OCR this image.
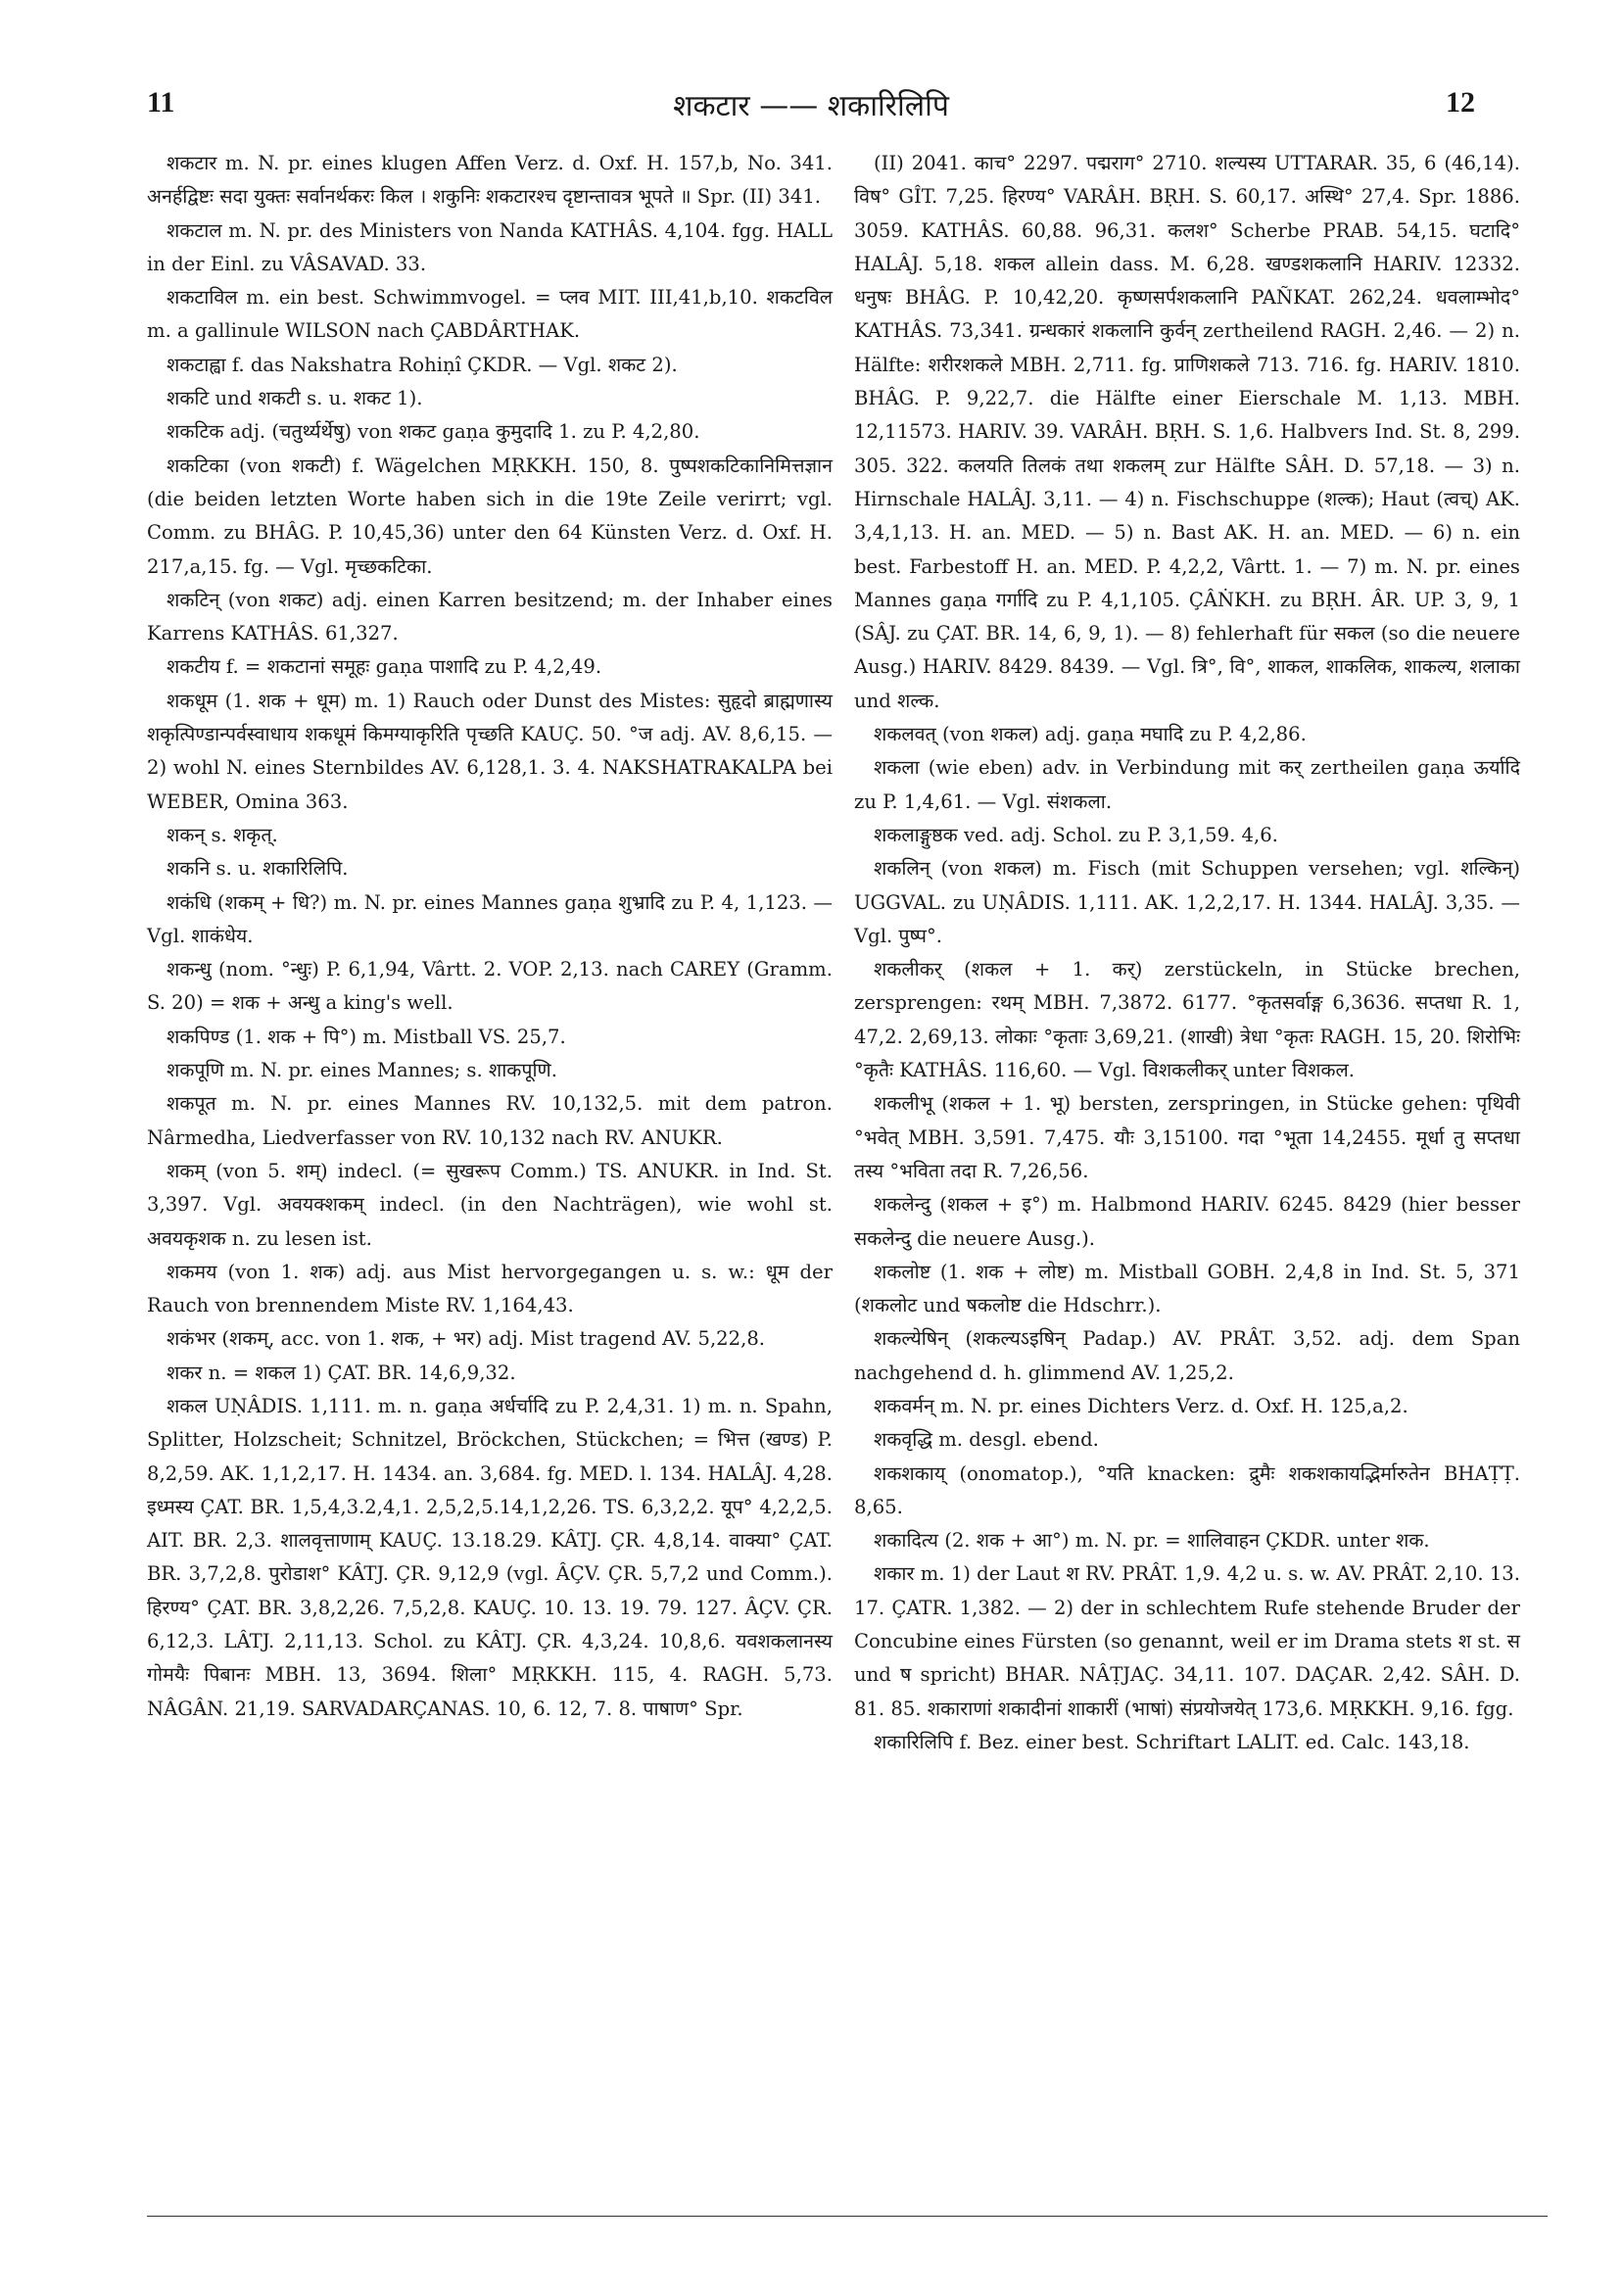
11	शकटार —— शकारिलिपि	12

शकटार m. N. pr. eines klugen Affen Verz. d. Oxf. H. 157,b, No. 341. अनर्हद्विष्टः सदा युक्तः सर्वानर्थकरः किल । शकुनिः शकटारश्च दृष्टान्तावत्र भूपते ॥ Spr. (II) 341.

शकटाल m. N. pr. des Ministers von Nanda KATHÂS. 4,104. fgg. HALL in der Einl. zu VÂSAVAD. 33.

शकटाविल m. ein best. Schwimmvogel. = प्लव MIT. III,41,b,10. शकटविल m. a gallinule WILSON nach ÇABDÂRTHAK.

शकटाह्वा f. das Nakshatra Rohiṇî ÇKDR. — Vgl. शकट 2).

शकटि und शकटी s. u. शकट 1).

शकटिक adj. (चतुर्थ्यर्थेषु) von शकट gaṇa कुमुदादि 1. zu P. 4,2,80.

शकटिका (von शकटी) f. Wägelchen MṚKKH. 150, 8. पुष्पशकटिकानिमित्तज्ञान (die beiden letzten Worte haben sich in die 19te Zeile verirrt; vgl. Comm. zu BHÂG. P. 10,45,36) unter den 64 Künsten Verz. d. Oxf. H. 217,a,15. fg. — Vgl. मृच्छकटिका.

शकटिन् (von शकट) adj. einen Karren besitzend; m. der Inhaber eines Karrens KATHÂS. 61,327.

शकटीय f. = शकटानां समूहः gaṇa पाशादि zu P. 4,2,49.

शकधूम (1. शक + धूम) m. 1) Rauch oder Dunst des Mistes: सुहृदो ब्राह्मणास्य शकृत्पिण्डान्पर्वस्वाधाय शकधूमं किमग्याकृरिति पृच्छति KAUÇ. 50. °ज adj. AV. 8,6,15. — 2) wohl N. eines Sternbildes AV. 6,128,1. 3. 4. NAKSHATRAKALPA bei WEBER, Omina 363.

शकन् s. शकृत्.

शकनि s. u. शकारिलिपि.

शकंधि (शकम् + धि?) m. N. pr. eines Mannes gaṇa शुभ्रादि zu P. 4, 1,123. — Vgl. शाकंधेय.

शकन्धु (nom. °न्धुः) P. 6,1,94, Vârtt. 2. VOP. 2,13. nach CAREY (Gramm. S. 20) = शक + अन्धु a king's well.

शकपिण्ड (1. शक + पि°) m. Mistball VS. 25,7.

शकपूणि m. N. pr. eines Mannes; s. शाकपूणि.

शकपूत m. N. pr. eines Mannes RV. 10,132,5. mit dem patron. Nârmedha, Liedverfasser von RV. 10,132 nach RV. ANUKR.

शकम् (von 5. शम्) indecl. (= सुखरूप Comm.) TS. ANUKR. in Ind. St. 3,397. Vgl. अवयक्शकम् indecl. (in den Nachträgen), wie wohl st. अवयकृशक n. zu lesen ist.

शकमय (von 1. शक) adj. aus Mist hervorgegangen u. s. w.: धूम der Rauch von brennendem Miste RV. 1,164,43.

शकंभर (शकम्, acc. von 1. शक, + भर) adj. Mist tragend AV. 5,22,8.

शकर n. = शकल 1) ÇAT. BR. 14,6,9,32.

शकल UṆÂDIS. 1,111. m. n. gaṇa अर्धर्चादि zu P. 2,4,31. 1) m. n. Spahn, Splitter, Holzscheit; Schnitzel, Bröckchen, Stückchen; = भित्त (खण्ड) P. 8,2,59. AK. 1,1,2,17. H. 1434. an. 3,684. fg. MED. l. 134. HALÂJ. 4,28. इध्मस्य ÇAT. BR. 1,5,4,3.2,4,1. 2,5,2,5.14,1,2,26. TS. 6,3,2,2. यूप° 4,2,2,5. AIT. BR. 2,3. शालवृत्ताणाम् KAUÇ. 13.18.29. KÂTJ. ÇR. 4,8,14. वाक्या° ÇAT. BR. 3,7,2,8. पुरोडाश° KÂTJ. ÇR. 9,12,9 (vgl. ÂÇV. ÇR. 5,7,2 und Comm.). हिरण्य° ÇAT. BR. 3,8,2,26. 7,5,2,8. KAUÇ. 10. 13. 19. 79. 127. ÂÇV. ÇR. 6,12,3. LÂTJ. 2,11,13. Schol. zu KÂTJ. ÇR. 4,3,24. 10,8,6. यवशकलानस्य गोमयैः पिबानः MBH. 13, 3694. शिला° MṚKKH. 115, 4. RAGH. 5,73. NÂGÂN. 21,19. SARVADARÇANAS. 10, 6. 12, 7. 8. पाषाण° Spr.

(II) 2041. काच° 2297. पद्मराग° 2710. शल्यस्य UTTARAR. 35, 6 (46,14). विष° GÎT. 7,25. हिरण्य° VARÂH. BṚH. S. 60,17. अस्थि° 27,4. Spr. 1886. 3059. KATHÂS. 60,88. 96,31. कलश° Scherbe PRAB. 54,15. घटादि° HALÂJ. 5,18. शकल allein dass. M. 6,28. खण्डशकलानि HARIV. 12332. धनुषः BHÂG. P. 10,42,20. कृष्णसर्पशकलानि PAÑKAT. 262,24. धवलाम्भोद° KATHÂS. 73,341. ग्रन्धकारं शकलानि कुर्वन् zertheilend RAGH. 2,46. — 2) n. Hälfte: शरीरशकले MBH. 2,711. fg. प्राणिशकले 713. 716. fg. HARIV. 1810. BHÂG. P. 9,22,7. die Hälfte einer Eierschale M. 1,13. MBH. 12,11573. HARIV. 39. VARÂH. BṚH. S. 1,6. Halbvers Ind. St. 8, 299. 305. 322. कलयति तिलकं तथा शकलम् zur Hälfte SÂH. D. 57,18. — 3) n. Hirnschale HALÂJ. 3,11. — 4) n. Fischschuppe (शल्क); Haut (त्वच्) AK. 3,4,1,13. H. an. MED. — 5) n. Bast AK. H. an. MED. — 6) n. ein best. Farbestoff H. an. MED. P. 4,2,2, Vârtt. 1. — 7) m. N. pr. eines Mannes gaṇa गर्गादि zu P. 4,1,105. ÇÂṄKH. zu BṚH. ÂR. UP. 3, 9, 1 (SÂJ. zu ÇAT. BR. 14, 6, 9, 1). — 8) fehlerhaft für सकल (so die neuere Ausg.) HARIV. 8429. 8439. — Vgl. त्रि°, वि°, शाकल, शाकलिक, शाकल्य, शलाका und शल्क.

शकलवत् (von शकल) adj. gaṇa मघादि zu P. 4,2,86.

शकला (wie eben) adv. in Verbindung mit कर् zertheilen gaṇa ऊर्यादि zu P. 1,4,61. — Vgl. संशकला.

शकलाङ्गुष्ठक ved. adj. Schol. zu P. 3,1,59. 4,6.

शकलिन् (von शकल) m. Fisch (mit Schuppen versehen; vgl. शल्किन्) UGGVAL. zu UṆÂDIS. 1,111. AK. 1,2,2,17. H. 1344. HALÂJ. 3,35. — Vgl. पुष्प°.

शकलीकर् (शकल + 1. कर्) zerstückeln, in Stücke brechen, zersprengen: रथम् MBH. 7,3872. 6177. °कृतसर्वाङ्ग 6,3636. सप्तधा R. 1, 47,2. 2,69,13. लोकाः °कृताः 3,69,21. (शाखी) त्रेधा °कृतः RAGH. 15, 20. शिरोभिः °कृतैः KATHÂS. 116,60. — Vgl. विशकलीकर् unter विशकल.

शकलीभू (शकल + 1. भू) bersten, zerspringen, in Stücke gehen: पृथिवी °भवेत् MBH. 3,591. 7,475. यौः 3,15100. गदा °भूता 14,2455. मूर्धा तु सप्तधा तस्य °भविता तदा R. 7,26,56.

शकलेन्दु (शकल + इ°) m. Halbmond HARIV. 6245. 8429 (hier besser सकलेन्दु die neuere Ausg.).

शकलोष्ट (1. शक + लोष्ट) m. Mistball GOBH. 2,4,8 in Ind. St. 5, 371 (शकलोट und षकलोष्ट die Hdschrr.).

शकल्येषिन् (शकल्यऽइषिन् Padap.) AV. PRÂT. 3,52. adj. dem Span nachgehend d. h. glimmend AV. 1,25,2.

शकवर्मन् m. N. pr. eines Dichters Verz. d. Oxf. H. 125,a,2.

शकवृद्धि m. desgl. ebend.

शकशकाय् (onomatop.), °यति knacken: द्रुमैः शकशकायद्भिर्मारुतेन BHAṬṬ. 8,65.

शकादित्य (2. शक + आ°) m. N. pr. = शालिवाहन ÇKDR. unter शक.

शकार m. 1) der Laut श RV. PRÂT. 1,9. 4,2 u. s. w. AV. PRÂT. 2,10. 13. 17. ÇATR. 1,382. — 2) der in schlechtem Rufe stehende Bruder der Concubine eines Fürsten (so genannt, weil er im Drama stets श st. स und ष spricht) BHAR. NÂṬJAÇ. 34,11. 107. DAÇAR. 2,42. SÂH. D. 81. 85. शकाराणां शकादीनां शाकारीं (भाषां) संप्रयोजयेत् 173,6. MṚKKH. 9,16. fgg.

शकारिलिपि f. Bez. einer best. Schriftart LALIT. ed. Calc. 143,18.
